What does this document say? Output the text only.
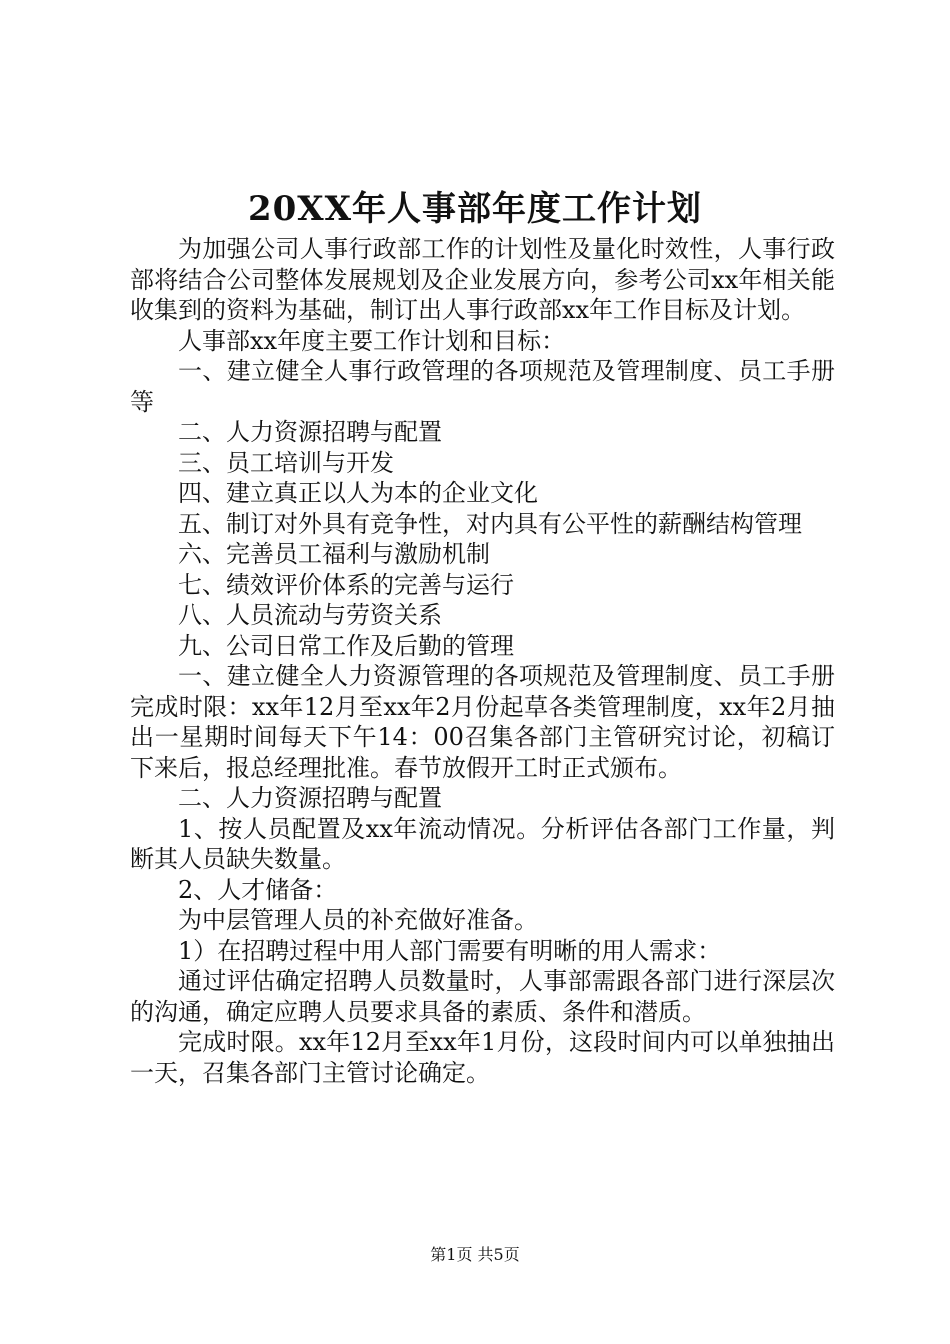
20XX年人事部年度工作计划

为加强公司人事行政部工作的计划性及量化时效性，人事行政部将结合公司整体发展规划及企业发展方向，参考公司xx年相关能收集到的资料为基础，制订出人事行政部xx年工作目标及计划。

人事部xx年度主要工作计划和目标：

一、建立健全人事行政管理的各项规范及管理制度、员工手册等

二、人力资源招聘与配置

三、员工培训与开发

四、建立真正以人为本的企业文化

五、制订对外具有竞争性，对内具有公平性的薪酬结构管理

六、完善员工福利与激励机制

七、绩效评价体系的完善与运行

八、人员流动与劳资关系

九、公司日常工作及后勤的管理

一、建立健全人力资源管理的各项规范及管理制度、员工手册完成时限：xx年12月至xx年2月份起草各类管理制度，xx年2月抽出一星期时间每天下午14：00召集各部门主管研究讨论，初稿订下来后，报总经理批准。春节放假开工时正式颁布。

二、人力资源招聘与配置

1、按人员配置及xx年流动情况。分析评估各部门工作量，判断其人员缺失数量。

2、人才储备：

为中层管理人员的补充做好准备。

1）在招聘过程中用人部门需要有明晰的用人需求：

通过评估确定招聘人员数量时，人事部需跟各部门进行深层次的沟通，确定应聘人员要求具备的素质、条件和潜质。

完成时限。xx年12月至xx年1月份，这段时间内可以单独抽出一天，召集各部门主管讨论确定。

第1页 共5页
